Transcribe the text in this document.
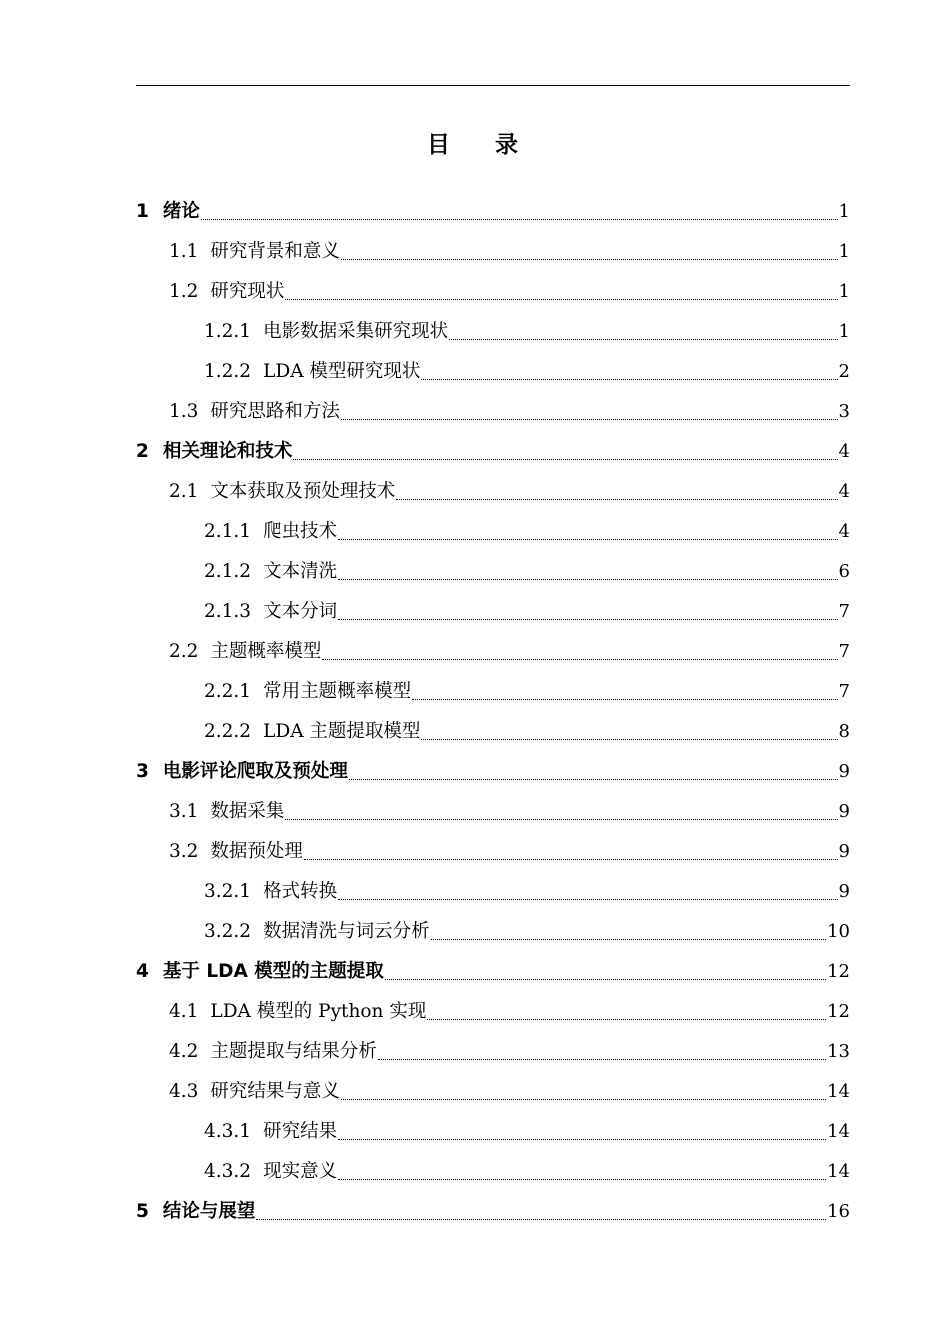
目录
1 绪论	1
1.1 研究背景和意义	1
1.2 研究现状	1
1.2.1 电影数据采集研究现状	1
1.2.2 LDA 模型研究现状	2
1.3 研究思路和方法	3
2 相关理论和技术	4
2.1 文本获取及预处理技术	4
2.1.1 爬虫技术	4
2.1.2 文本清洗	6
2.1.3 文本分词	7
2.2 主题概率模型	7
2.2.1 常用主题概率模型	7
2.2.2 LDA 主题提取模型	8
3 电影评论爬取及预处理	9
3.1 数据采集	9
3.2 数据预处理	9
3.2.1 格式转换	9
3.2.2 数据清洗与词云分析	10
4 基于 LDA 模型的主题提取	12
4.1 LDA 模型的 Python 实现	12
4.2 主题提取与结果分析	13
4.3 研究结果与意义	14
4.3.1 研究结果	14
4.3.2 现实意义	14
5 结论与展望	16
